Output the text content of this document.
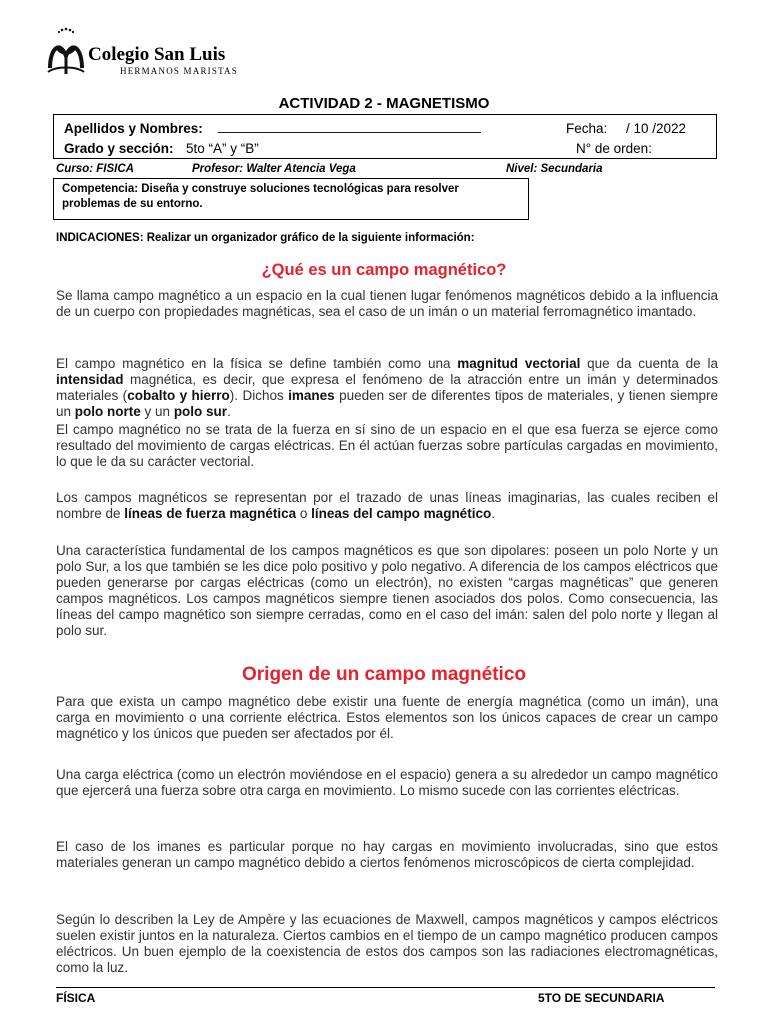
Colegio San Luis
HERMANOS MARISTAS
ACTIVIDAD 2 - MAGNETISMO
Apellidos y Nombres: ___________________________________	Fecha: / 10 /2022
Grado y sección: 5to “A” y “B”	N° de orden:
Curso: FISICA	Profesor: Walter Atencia Vega	Nivel: Secundaria
Competencia: Diseña y construye soluciones tecnológicas para resolver problemas de su entorno.
INDICACIONES: Realizar un organizador gráfico de la siguiente información:
¿Qué es un campo magnético?
Se llama campo magnético a un espacio en la cual tienen lugar fenómenos magnéticos debido a la influencia de un cuerpo con propiedades magnéticas, sea el caso de un imán o un material ferromagnético imantado.
El campo magnético en la física se define también como una magnitud vectorial que da cuenta de la intensidad magnética, es decir, que expresa el fenómeno de la atracción entre un imán y determinados materiales (cobalto y hierro). Dichos imanes pueden ser de diferentes tipos de materiales, y tienen siempre un polo norte y un polo sur.
El campo magnético no se trata de la fuerza en sí sino de un espacio en el que esa fuerza se ejerce como resultado del movimiento de cargas eléctricas. En él actúan fuerzas sobre partículas cargadas en movimiento, lo que le da su carácter vectorial.
Los campos magnéticos se representan por el trazado de unas líneas imaginarias, las cuales reciben el nombre de líneas de fuerza magnética o líneas del campo magnético.
Una característica fundamental de los campos magnéticos es que son dipolares: poseen un polo Norte y un polo Sur, a los que también se les dice polo positivo y polo negativo. A diferencia de los campos eléctricos que pueden generarse por cargas eléctricas (como un electrón), no existen “cargas magnéticas” que generen campos magnéticos. Los campos magnéticos siempre tienen asociados dos polos. Como consecuencia, las líneas del campo magnético son siempre cerradas, como en el caso del imán: salen del polo norte y llegan al polo sur.
Origen de un campo magnético
Para que exista un campo magnético debe existir una fuente de energía magnética (como un imán), una carga en movimiento o una corriente eléctrica. Estos elementos son los únicos capaces de crear un campo magnético y los únicos que pueden ser afectados por él.
Una carga eléctrica (como un electrón moviéndose en el espacio) genera a su alrededor un campo magnético que ejercerá una fuerza sobre otra carga en movimiento. Lo mismo sucede con las corrientes eléctricas.
El caso de los imanes es particular porque no hay cargas en movimiento involucradas, sino que estos materiales generan un campo magnético debido a ciertos fenómenos microscópicos de cierta complejidad.
Según lo describen la Ley de Ampère y las ecuaciones de Maxwell, campos magnéticos y campos eléctricos suelen existir juntos en la naturaleza. Ciertos cambios en el tiempo de un campo magnético producen campos eléctricos. Un buen ejemplo de la coexistencia de estos dos campos son las radiaciones electromagnéticas, como la luz.
FÍSICA	5TO DE SECUNDARIA
